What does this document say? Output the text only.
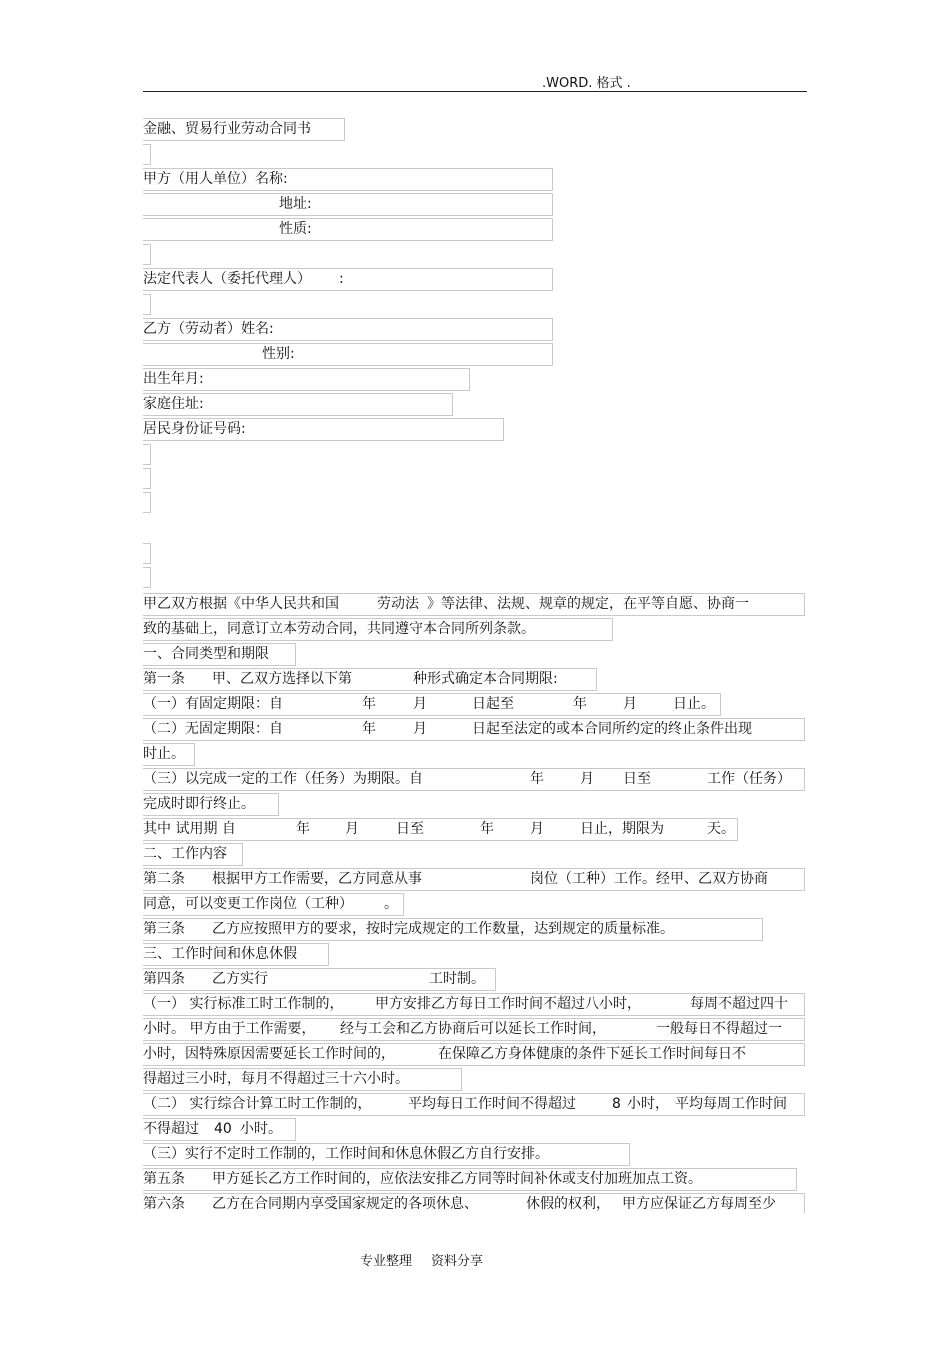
.WORD. 格式 .
金融、贸易行业劳动合同书
甲方（用人单位）名称:
地址:
性质:
法定代表人（委托代理人） :
乙方（劳动者）姓名:
性别:
出生年月:
家庭住址:
居民身份证号码:
甲乙双方根据《中华人民共和国	劳动法 》等法律、法规、规章的规定，在平等自愿、协商一
致的基础上，同意订立本劳动合同，共同遵守本合同所列条款。
一、合同类型和期限
第一条 甲、乙双方选择以下第	种形式确定本合同期限:
（一）有固定期限：自	年	月	日起至	年	月	日止。
（二）无固定期限：自	年	月	日起至法定的或本合同所约定的终止条件出现
时止。
（三）以完成一定的工作（任务）为期限。自	年	月 日至	工作（任务）
完成时即行终止。
其中 试用期 自	年	月	日至	年	月	日止，期限为	天。
二、工作内容
第二条 根据甲方工作需要，乙方同意从事	岗位（工种）工作。经甲、乙双方协商
同意，可以变更工作岗位（工种） 。
第三条 乙方应按照甲方的要求，按时完成规定的工作数量，达到规定的质量标准。
三、工作时间和休息休假
第四条 乙方实行	工时制。
（一） 实行标准工时工作制的， 甲方安排乙方每日工作时间不超过八小时，	每周不超过四十
小时。 甲方由于工作需要， 经与工会和乙方协商后可以延长工作时间，	一般每日不得超过一
小时，因特殊原因需要延长工作时间的，	在保障乙方身体健康的条件下延长工作时间每日不
得超过三小时，每月不得超过三十六小时。
（二） 实行综合计算工时工作制的，	平均每日工作时间不得超过	8 小时， 平均每周工作时间
不得超过 40 小时。
（三）实行不定时工作制的，工作时间和休息休假乙方自行安排。
第五条 甲方延长乙方工作时间的，应依法安排乙方同等时间补休或支付加班加点工资。
第六条 乙方在合同期内享受国家规定的各项休息、	休假的权利， 甲方应保证乙方每周至少
专业整理 资料分享
